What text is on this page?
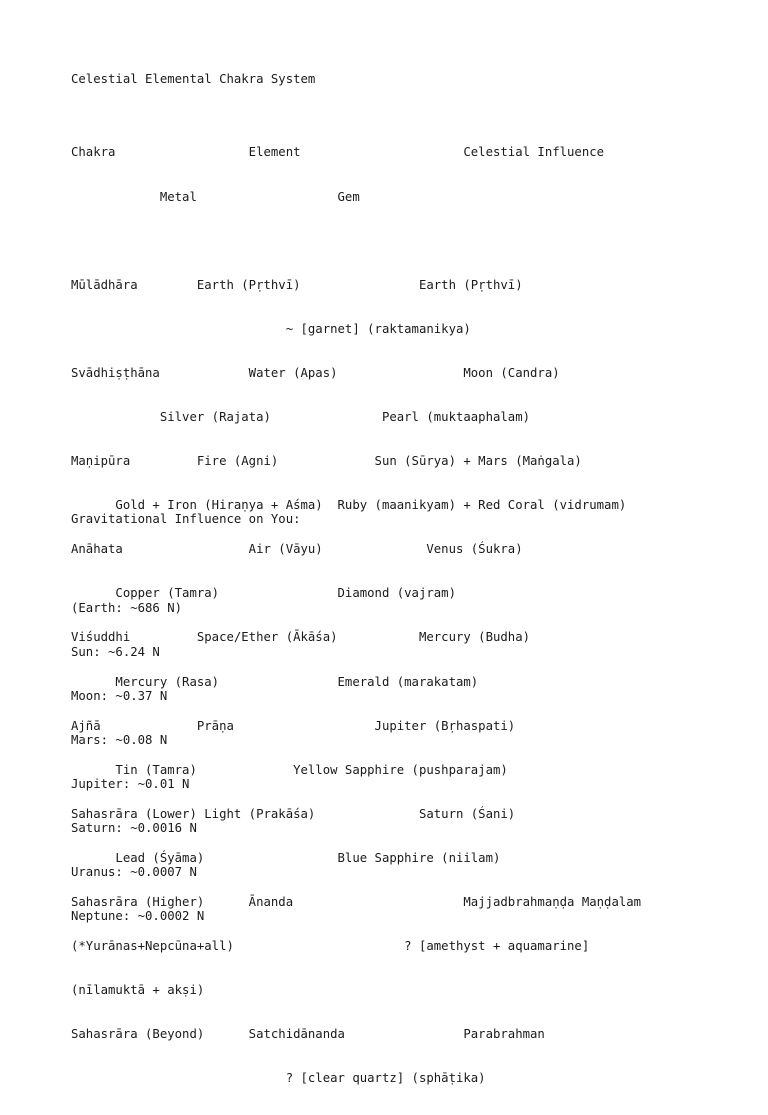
Celestial Elemental Chakra System

Chakra                  Element                      Celestial Influence

Metal                   Gem

Mūlādhāra        Earth (Pṛthvī)                Earth (Pṛthvī)

~ [garnet] (raktamanikya)

Svādhiṣṭhāna            Water (Apas)                 Moon (Candra)

Silver (Rajata)               Pearl (muktaaphalam)

Maṇipūra         Fire (Agni)             Sun (Sūrya) + Mars (Maṅgala)

Gold + Iron (Hiraṇya + Aśma)  Ruby (maanikyam) + Red Coral (vidrumam)

Anāhata                 Air (Vāyu)              Venus (Śukra)

Copper (Tamra)                Diamond (vajram)

Viśuddhi         Space/Ether (Ākāśa)           Mercury (Budha)

Mercury (Rasa)                Emerald (marakatam)

Ajñā             Prāṇa                   Jupiter (Bṛhaspati)

Tin (Tamra)             Yellow Sapphire (pushparajam)

Sahasrāra (Lower) Light (Prakāśa)              Saturn (Śani)

Lead (Śyāma)                  Blue Sapphire (niilam)

Sahasrāra (Higher)      Ānanda                       Majjadbrahmaṇḍa Maṇḍalam

(*Yurānas+Nepcūna+all)                       ? [amethyst + aquamarine]

(nīlamuktā + akṣi)

Sahasrāra (Beyond)      Satchidānanda                Parabrahman

? [clear quartz] (sphāṭika)

Gravitational Influence on You:

(Earth: ~686 N)

Sun: ~6.24 N

Moon: ~0.37 N

Mars: ~0.08 N

Jupiter: ~0.01 N

Saturn: ~0.0016 N

Uranus: ~0.0007 N

Neptune: ~0.0002 N
